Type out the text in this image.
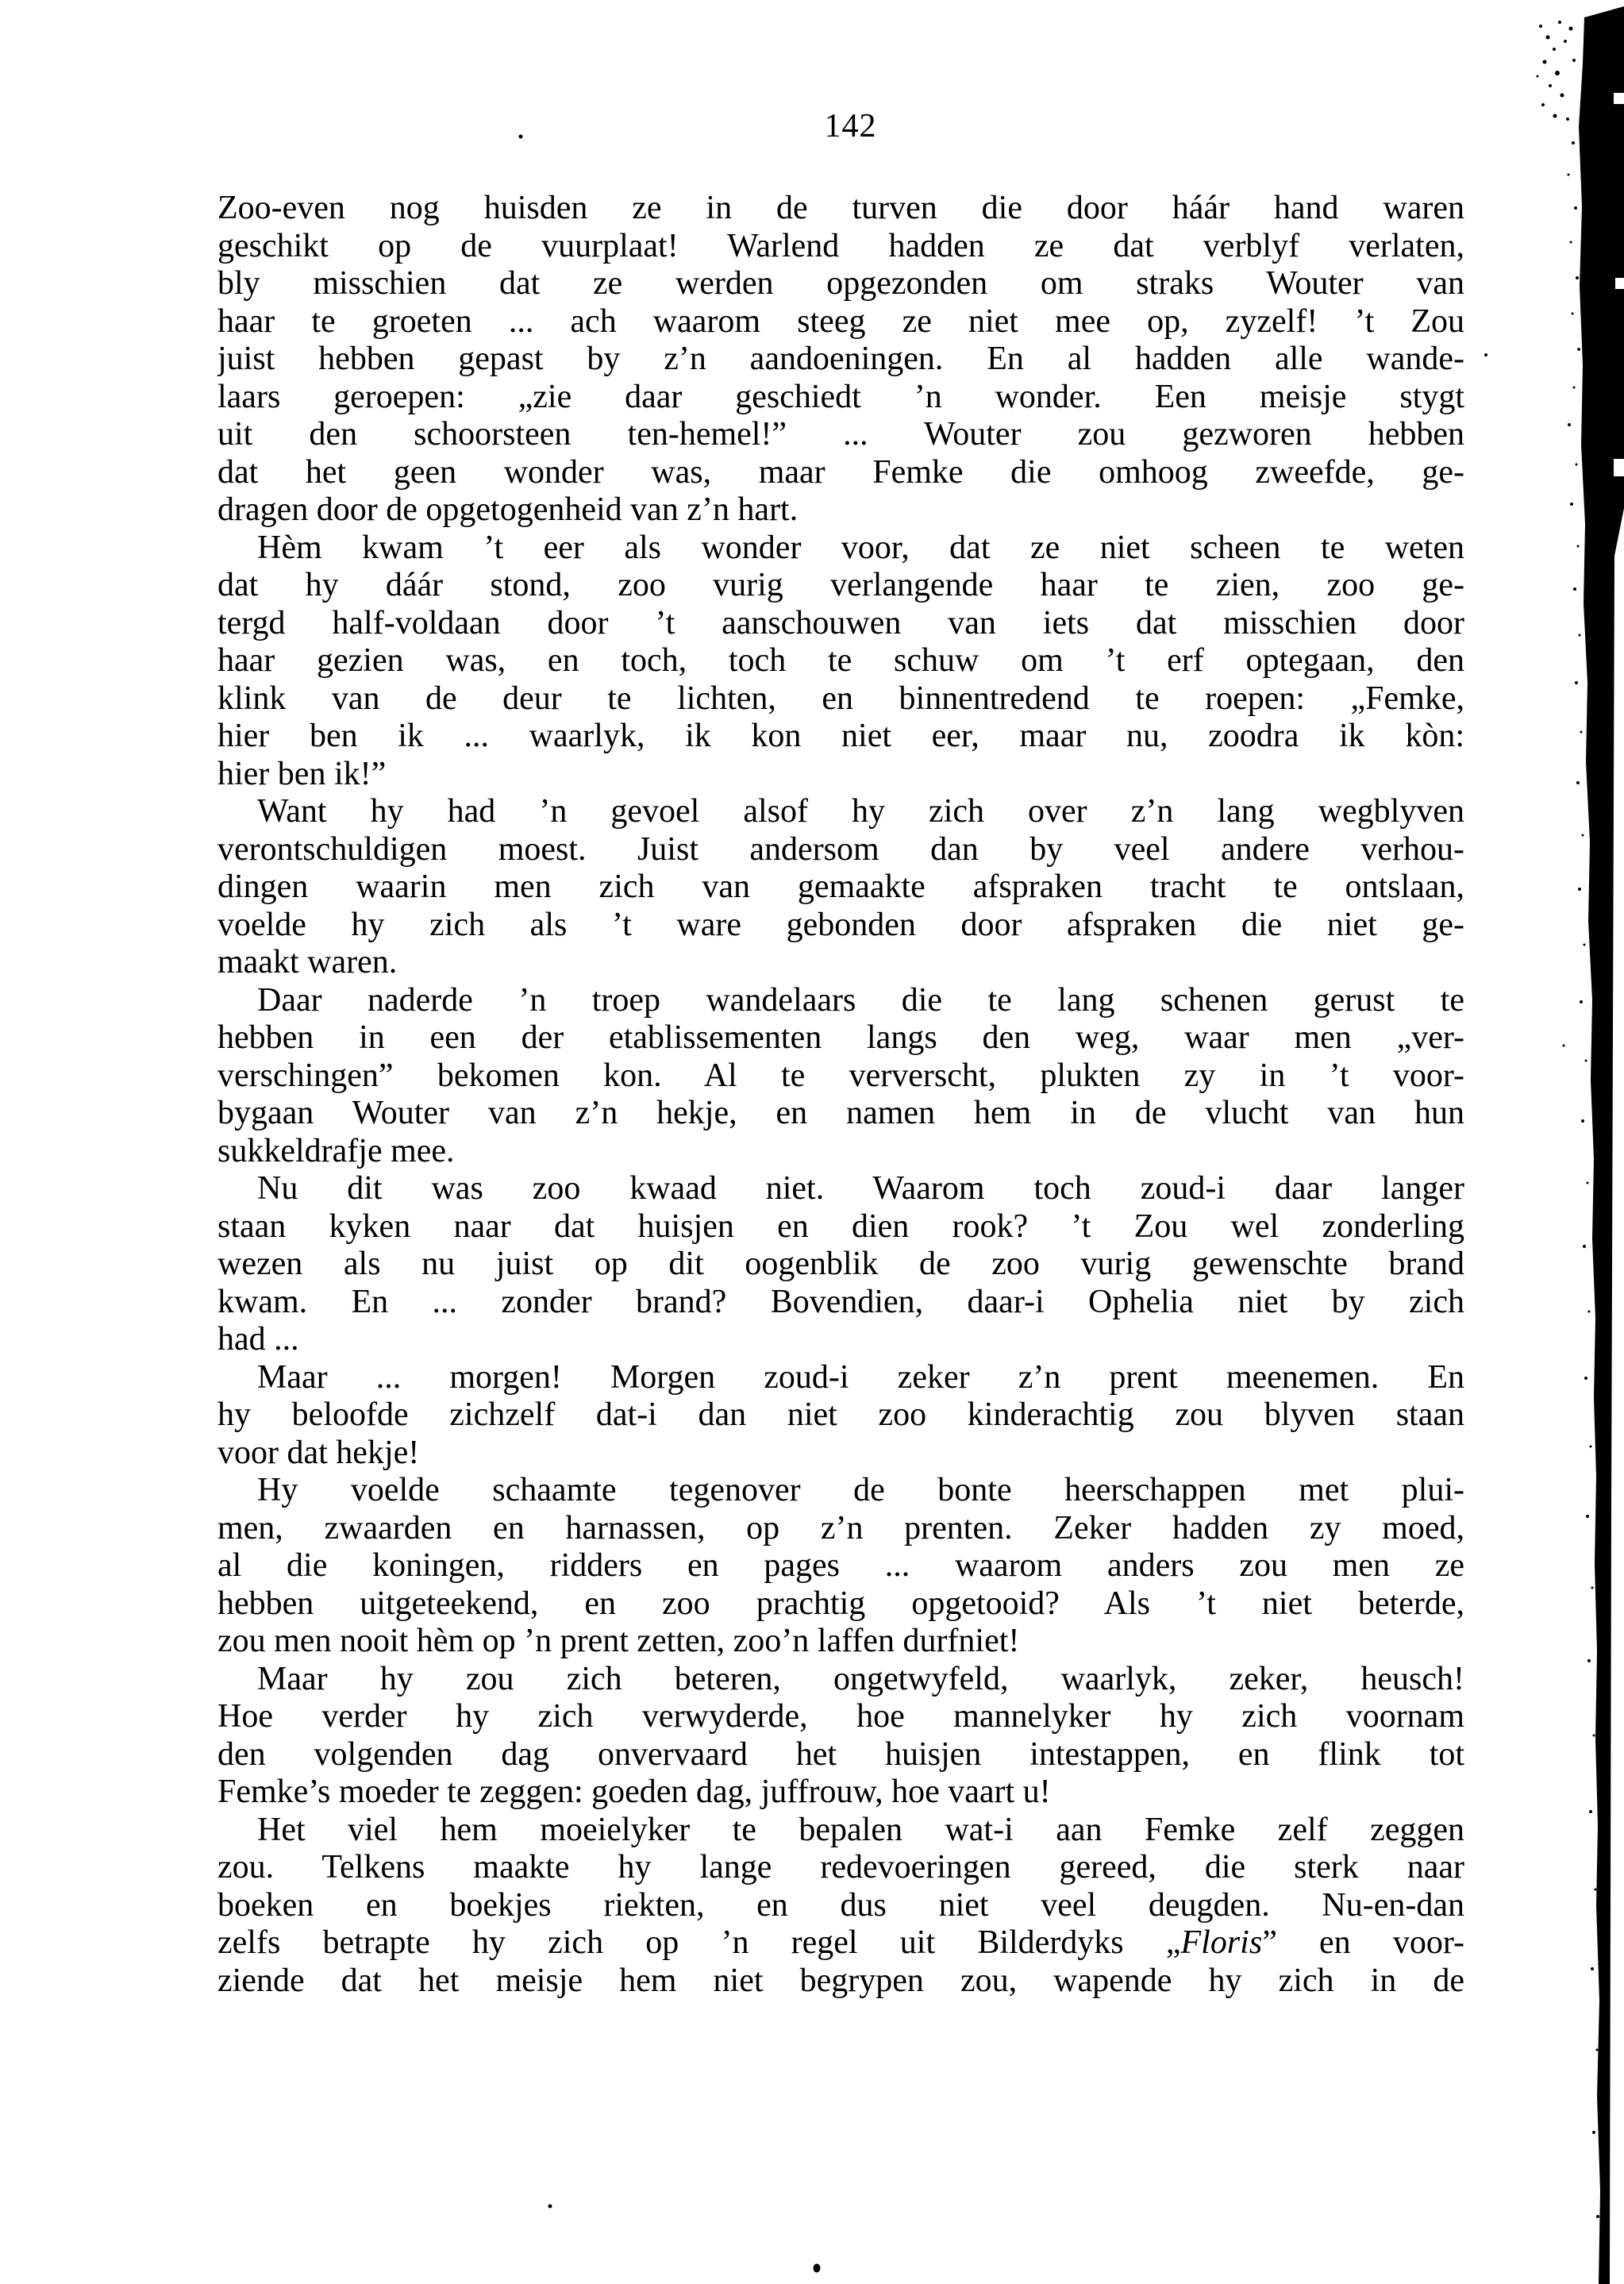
142
Zoo-even nog huisden ze in de turven die door háár hand waren
geschikt op de vuurplaat! Warlend hadden ze dat verblyf verlaten,
bly misschien dat ze werden opgezonden om straks Wouter van
haar te groeten ... ach waarom steeg ze niet mee op, zyzelf! ’t Zou
juist hebben gepast by z’n aandoeningen. En al hadden alle wande-
laars geroepen: „zie daar geschiedt ’n wonder. Een meisje stygt
uit den schoorsteen ten-hemel!” ... Wouter zou gezworen hebben
dat het geen wonder was, maar Femke die omhoog zweefde, ge-
dragen door de opgetogenheid van z’n hart.
Hèm kwam ’t eer als wonder voor, dat ze niet scheen te weten
dat hy dáár stond, zoo vurig verlangende haar te zien, zoo ge-
tergd half-voldaan door ’t aanschouwen van iets dat misschien door
haar gezien was, en toch, toch te schuw om ’t erf optegaan, den
klink van de deur te lichten, en binnentredend te roepen: „Femke,
hier ben ik ... waarlyk, ik kon niet eer, maar nu, zoodra ik kòn:
hier ben ik!”
Want hy had ’n gevoel alsof hy zich over z’n lang wegblyven
verontschuldigen moest. Juist andersom dan by veel andere verhou-
dingen waarin men zich van gemaakte afspraken tracht te ontslaan,
voelde hy zich als ’t ware gebonden door afspraken die niet ge-
maakt waren.
Daar naderde ’n troep wandelaars die te lang schenen gerust te
hebben in een der etablissementen langs den weg, waar men „ver-
verschingen” bekomen kon. Al te ververscht, plukten zy in ’t voor-
bygaan Wouter van z’n hekje, en namen hem in de vlucht van hun
sukkeldrafje mee.
Nu dit was zoo kwaad niet. Waarom toch zoud-i daar langer
staan kyken naar dat huisjen en dien rook? ’t Zou wel zonderling
wezen als nu juist op dit oogenblik de zoo vurig gewenschte brand
kwam. En ... zonder brand? Bovendien, daar-i Ophelia niet by zich
had ...
Maar ... morgen! Morgen zoud-i zeker z’n prent meenemen. En
hy beloofde zichzelf dat-i dan niet zoo kinderachtig zou blyven staan
voor dat hekje!
Hy voelde schaamte tegenover de bonte heerschappen met plui-
men, zwaarden en harnassen, op z’n prenten. Zeker hadden zy moed,
al die koningen, ridders en pages ... waarom anders zou men ze
hebben uitgeteekend, en zoo prachtig opgetooid? Als ’t niet beterde,
zou men nooit hèm op ’n prent zetten, zoo’n laffen durfniet!
Maar hy zou zich beteren, ongetwyfeld, waarlyk, zeker, heusch!
Hoe verder hy zich verwyderde, hoe mannelyker hy zich voornam
den volgenden dag onvervaard het huisjen intestappen, en flink tot
Femke’s moeder te zeggen: goeden dag, juffrouw, hoe vaart u!
Het viel hem moeielyker te bepalen wat-i aan Femke zelf zeggen
zou. Telkens maakte hy lange redevoeringen gereed, die sterk naar
boeken en boekjes riekten, en dus niet veel deugden. Nu-en-dan
zelfs betrapte hy zich op ’n regel uit Bilderdyks „Floris” en voor-
ziende dat het meisje hem niet begrypen zou, wapende hy zich in de
